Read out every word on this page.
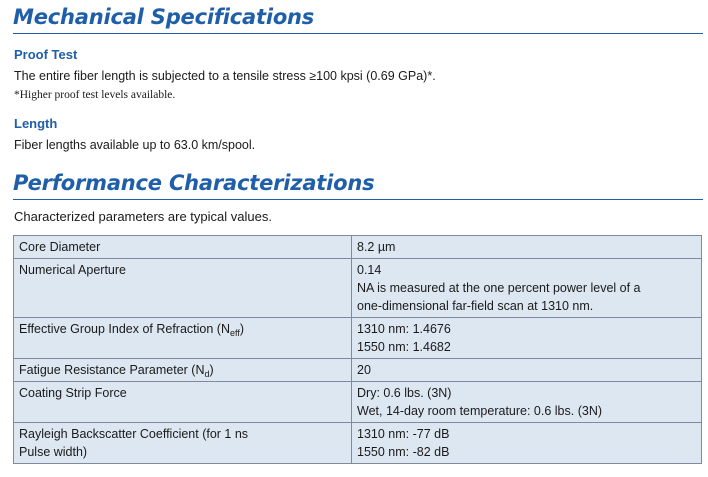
Mechanical Specifications
Proof Test

The entire fiber length is subjected to a tensile stress ≥100 kpsi (0.69 GPa)*.

*Higher proof test levels available.

Length

Fiber lengths available up to 63.0 km/spool.

Performance Characterizations

Characterized parameters are typical values.

Core Diameter	8.2 µm

Numerical Aperture	0.14
NA is measured at the one percent power level of a
one-dimensional far-field scan at 1310 nm.

Effective Group Index of Refraction $(N_{eff})$	1310 nm: 1.4676
1550 nm: 1.4682

Fatigue Resistance Parameter $(N_d)$	20

Coating Strip Force	Dry: 0.6 lbs. (3N)
Wet, 14-day room temperature: 0.6 lbs. (3N)

Rayleigh Backscatter Coefficient (for 1 ns
Pulse width)	1310 nm: -77 dB
1550 nm: -82 dB
